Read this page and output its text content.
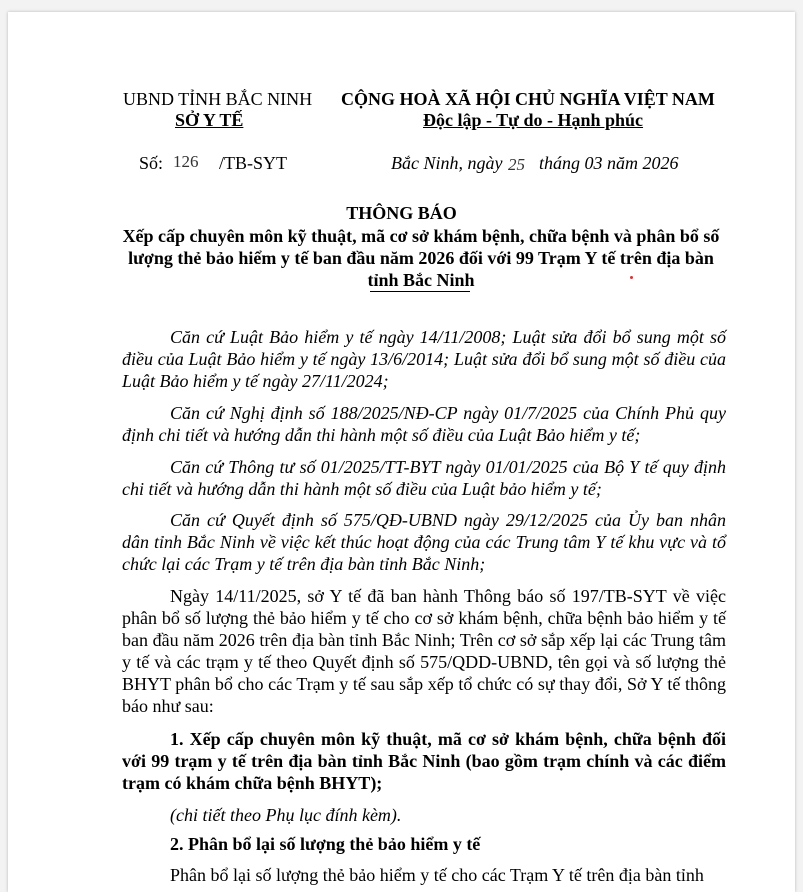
UBND TỈNH BẮC NINH
SỞ Y TẾ
CỘNG HOÀ XÃ HỘI CHỦ NGHĨA VIỆT NAM
Độc lập - Tự do - Hạnh phúc
Số: 126 /TB-SYT	Bắc Ninh, ngày 25 tháng 03 năm 2026
THÔNG BÁO
Xếp cấp chuyên môn kỹ thuật, mã cơ sở khám bệnh, chữa bệnh và phân bổ số lượng thẻ bảo hiểm y tế ban đầu năm 2026 đối với 99 Trạm Y tế trên địa bàn tỉnh Bắc Ninh
Căn cứ Luật Bảo hiểm y tế ngày 14/11/2008; Luật sửa đổi bổ sung một số điều của Luật Bảo hiểm y tế ngày 13/6/2014; Luật sửa đổi bổ sung một số điều của Luật Bảo hiểm y tế ngày 27/11/2024;
Căn cứ Nghị định số 188/2025/NĐ-CP ngày 01/7/2025 của Chính Phủ quy định chi tiết và hướng dẫn thi hành một số điều của Luật Bảo hiểm y tế;
Căn cứ Thông tư số 01/2025/TT-BYT ngày 01/01/2025 của Bộ Y tế quy định chi tiết và hướng dẫn thi hành một số điều của Luật bảo hiểm y tế;
Căn cứ Quyết định số 575/QĐ-UBND ngày 29/12/2025 của Ủy ban nhân dân tỉnh Bắc Ninh về việc kết thúc hoạt động của các Trung tâm Y tế khu vực và tổ chức lại các Trạm y tế trên địa bàn tỉnh Bắc Ninh;
Ngày 14/11/2025, sở Y tế đã ban hành Thông báo số 197/TB-SYT về việc phân bổ số lượng thẻ bảo hiểm y tế cho cơ sở khám bệnh, chữa bệnh bảo hiểm y tế ban đầu năm 2026 trên địa bàn tỉnh Bắc Ninh; Trên cơ sở sắp xếp lại các Trung tâm y tế và các trạm y tế theo Quyết định số 575/QDD-UBND, tên gọi và số lượng thẻ BHYT phân bổ cho các Trạm y tế sau sắp xếp tổ chức có sự thay đổi, Sở Y tế thông báo như sau:
1. Xếp cấp chuyên môn kỹ thuật, mã cơ sở khám bệnh, chữa bệnh đối với 99 trạm y tế trên địa bàn tỉnh Bắc Ninh (bao gồm trạm chính và các điểm trạm có khám chữa bệnh BHYT);
(chi tiết theo Phụ lục đính kèm).
2. Phân bổ lại số lượng thẻ bảo hiểm y tế
Phân bổ lại số lượng thẻ bảo hiểm y tế cho các Trạm Y tế trên địa bàn tỉnh
